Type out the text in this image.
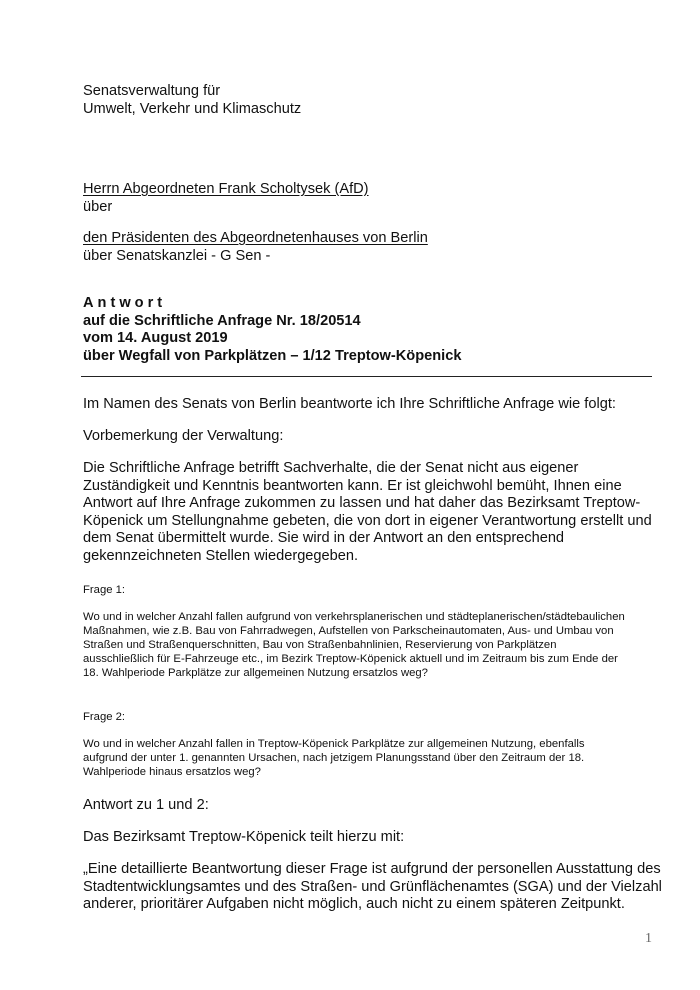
Senatsverwaltung für
Umwelt, Verkehr und Klimaschutz
Herrn Abgeordneten Frank Scholtysek (AfD)
über
den Präsidenten des Abgeordnetenhauses von Berlin
über Senatskanzlei - G Sen -
Antwort
auf die Schriftliche Anfrage Nr. 18/20514
vom 14. August 2019
über Wegfall von Parkplätzen – 1/12 Treptow-Köpenick

Im Namen des Senats von Berlin beantworte ich Ihre Schriftliche Anfrage wie folgt:

Vorbemerkung der Verwaltung:

Die Schriftliche Anfrage betrifft Sachverhalte, die der Senat nicht aus eigener
Zuständigkeit und Kenntnis beantworten kann. Er ist gleichwohl bemüht, Ihnen eine
Antwort auf Ihre Anfrage zukommen zu lassen und hat daher das Bezirksamt Treptow-
Köpenick um Stellungnahme gebeten, die von dort in eigener Verantwortung erstellt und
dem Senat übermittelt wurde. Sie wird in der Antwort an den entsprechend
gekennzeichneten Stellen wiedergegeben.

Frage 1:

Wo und in welcher Anzahl fallen aufgrund von verkehrsplanerischen und städteplanerischen/städtebaulichen
Maßnahmen, wie z.B. Bau von Fahrradwegen, Aufstellen von Parkscheinautomaten, Aus- und Umbau von
Straßen und Straßenquerschnitten, Bau von Straßenbahnlinien, Reservierung von Parkplätzen
ausschließlich für E-Fahrzeuge etc., im Bezirk Treptow-Köpenick aktuell und im Zeitraum bis zum Ende der
18. Wahlperiode Parkplätze zur allgemeinen Nutzung ersatzlos weg?

Frage 2:

Wo und in welcher Anzahl fallen in Treptow-Köpenick Parkplätze zur allgemeinen Nutzung, ebenfalls
aufgrund der unter 1. genannten Ursachen, nach jetzigem Planungsstand über den Zeitraum der 18.
Wahlperiode hinaus ersatzlos weg?

Antwort zu 1 und 2:

Das Bezirksamt Treptow-Köpenick teilt hierzu mit:

„Eine detaillierte Beantwortung dieser Frage ist aufgrund der personellen Ausstattung des
Stadtentwicklungsamtes und des Straßen- und Grünflächenamtes (SGA) und der Vielzahl
anderer, prioritärer Aufgaben nicht möglich, auch nicht zu einem späteren Zeitpunkt.
1
